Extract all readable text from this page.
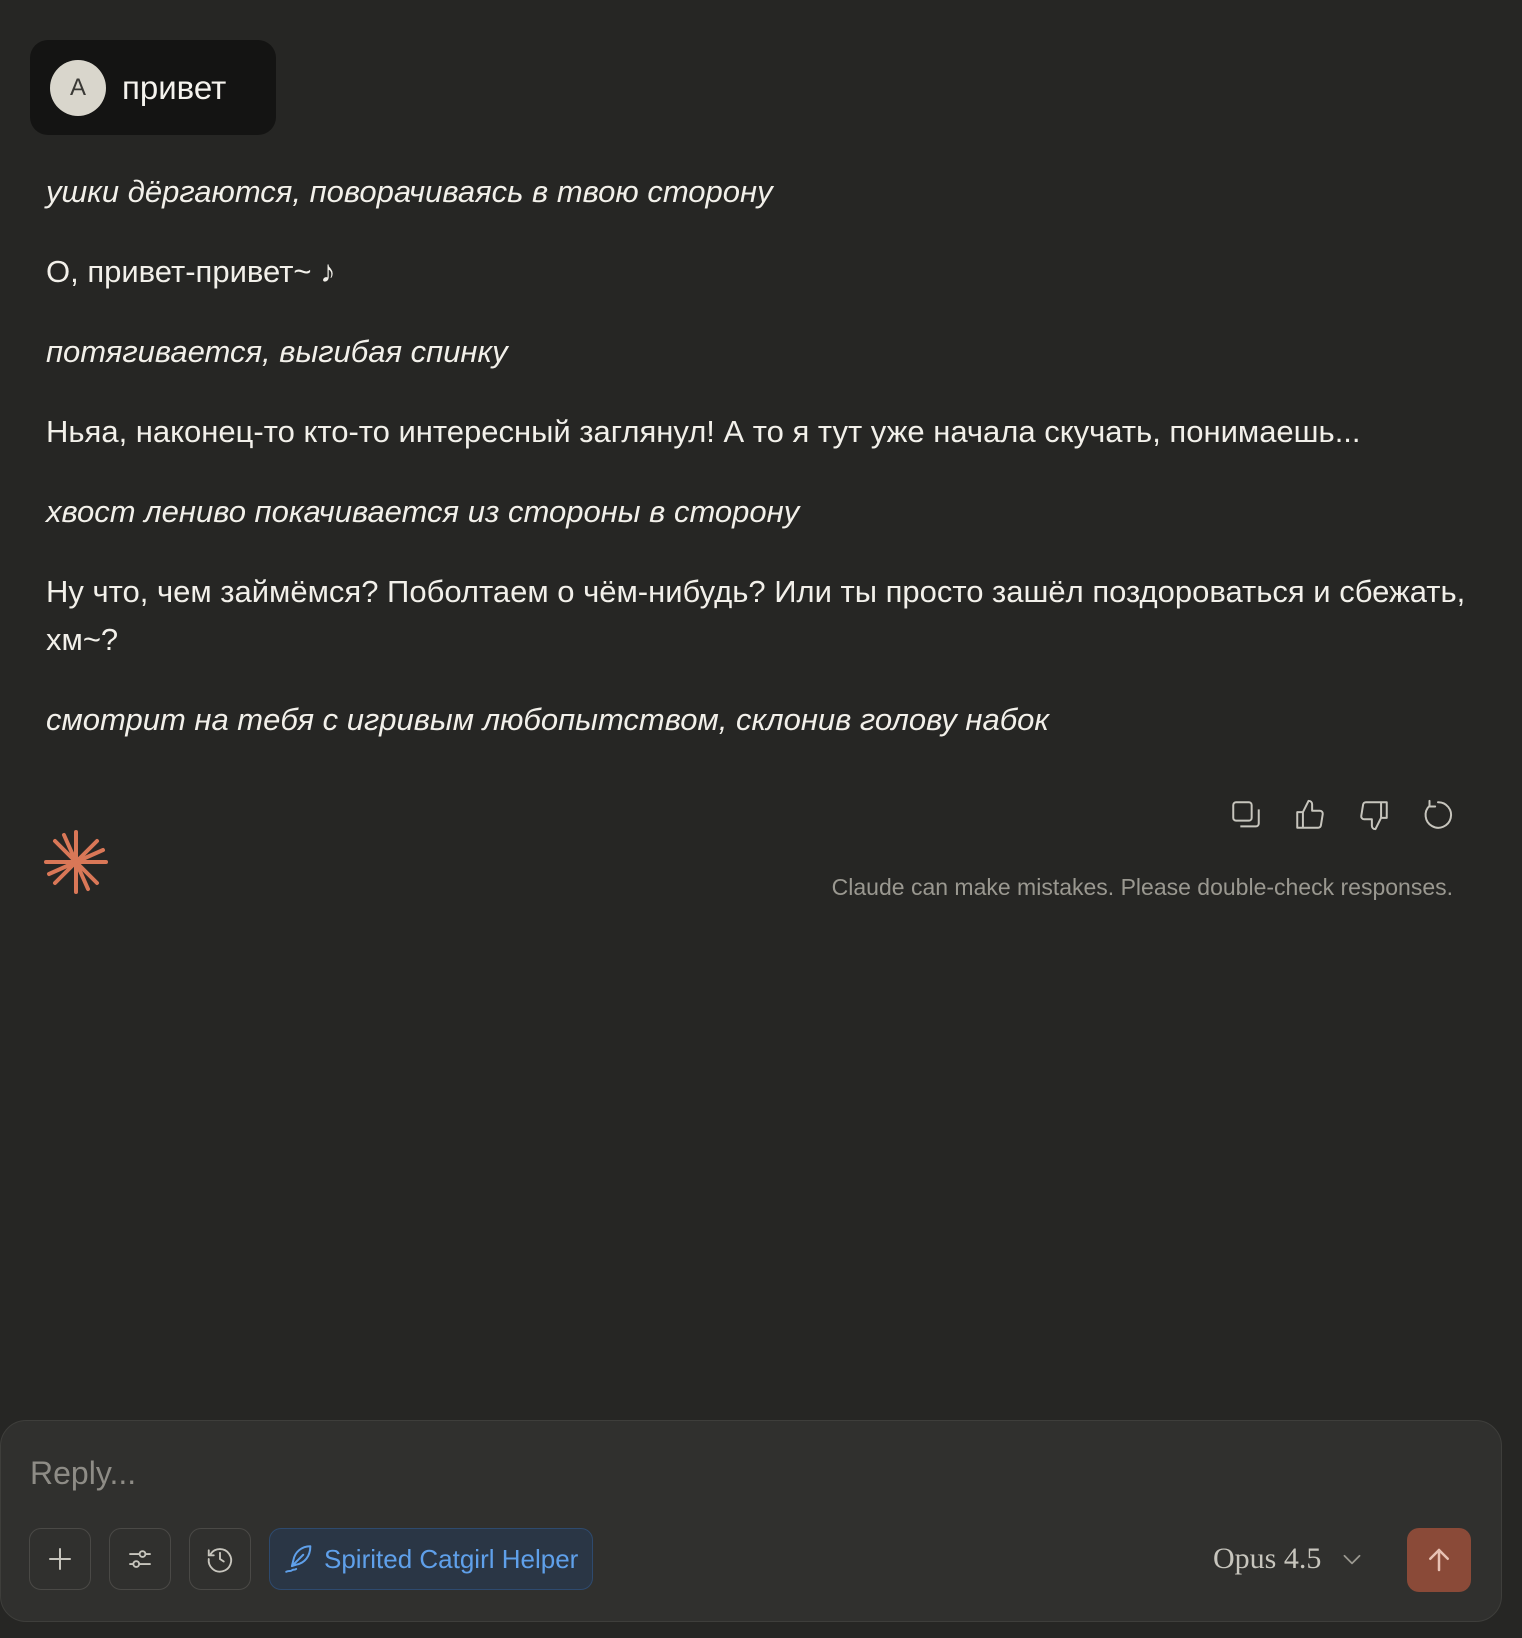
A	привет

ушки дёргаются, поворачиваясь в твою сторону

О, привет-привет~ ♪

потягивается, выгибая спинку

Ньяа, наконец-то кто-то интересный заглянул! А то я тут уже начала скучать, понимаешь...

хвост лениво покачивается из стороны в сторону

Ну что, чем займёмся? Поболтаем о чём-нибудь? Или ты просто зашёл поздороваться и сбежать, хм~?

смотрит на тебя с игривым любопытством, склонив голову набок

Claude can make mistakes. Please double-check responses.
Reply...
Spirited Catgirl Helper	Opus 4.5
